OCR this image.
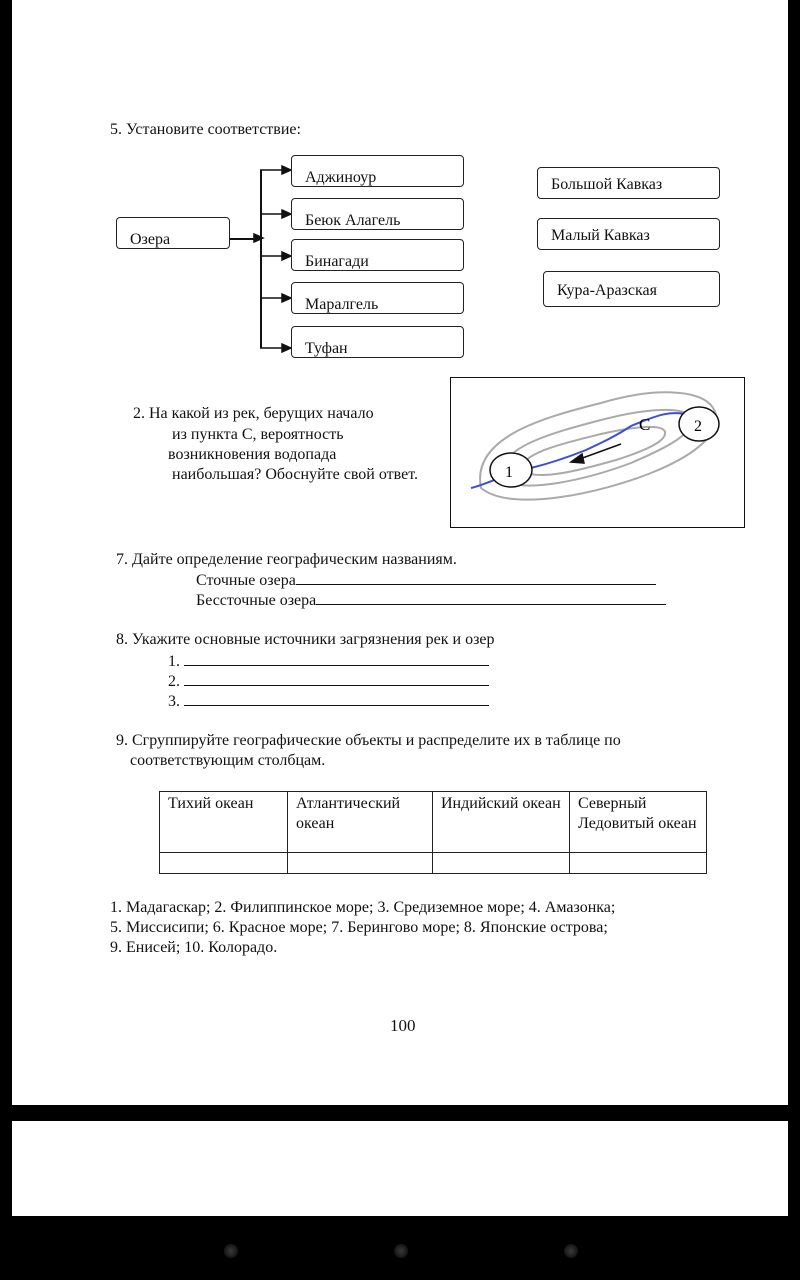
5. Установите соответствие:
Озера
Аджиноур
Беюк Алагель
Бинагади
Маралгель
Туфан
Большой Кавказ
Малый Кавказ
Кура-Аразская
2. На какой из рек, берущих начало
из пункта С, вероятность
возникновения водопада
наибольшая? Обоснуйте свой ответ.	1
2
C
7. Дайте определение географическим названиям.
Сточные озера
Бессточные озера
8. Укажите основные источники загрязнения рек и озер
1.
2.
3.
9. Сгруппируйте географические объекты и распределите их в таблице по
соответствующим столбцам.
Тихий океан	Атлантический океан	Индийский океан	Северный Ледовитый океан

1. Мадагаскар; 2. Филиппинское море; 3. Средиземное море; 4. Амазонка;
5. Миссисипи; 6. Красное море; 7. Берингово море; 8. Японские острова;
9. Енисей; 10. Колорадо.
100
